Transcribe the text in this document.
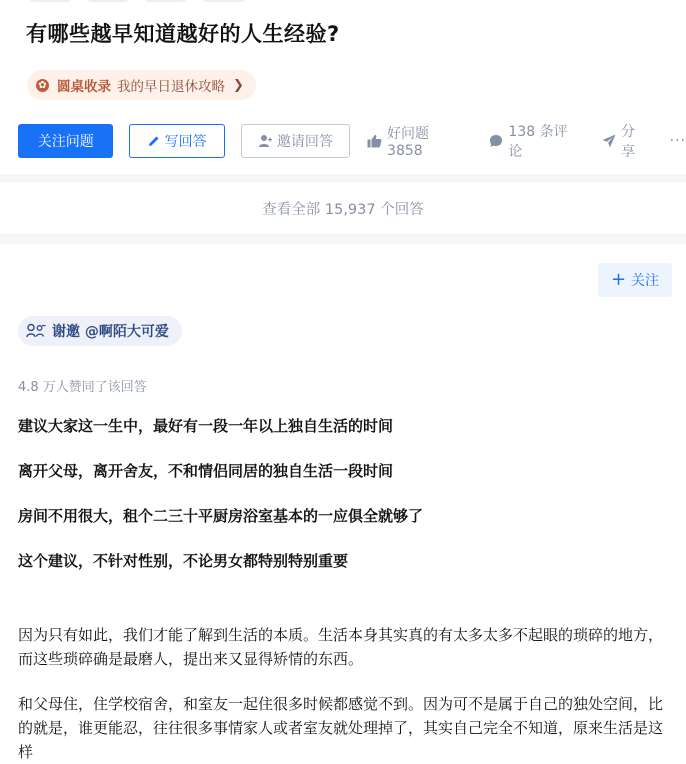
有哪些越早知道越好的人生经验?
✿ 圆桌收录 我的早日退休攻略 ❯
关注问题	写回答	邀请回答	好问题 3858
138 条评论
分享
···
查看全部 15,937 个回答
+ 关注
谢邀 @啊陌大可爱
4.8 万人赞同了该回答

建议大家这一生中，最好有一段一年以上独自生活的时间

离开父母，离开舍友，不和情侣同居的独自生活一段时间

房间不用很大，租个二三十平厨房浴室基本的一应俱全就够了

这个建议，不针对性别，不论男女都特别特别重要

因为只有如此，我们才能了解到生活的本质。生活本身其实真的有太多太多不起眼的琐碎的地方，而这些琐碎确是最磨人，提出来又显得矫情的东西。

和父母住，住学校宿舍，和室友一起住很多时候都感觉不到。因为可不是属于自己的独处空间，比的就是，谁更能忍，往往很多事情家人或者室友就处理掉了，其实自己完全不知道，原来生活是这样
